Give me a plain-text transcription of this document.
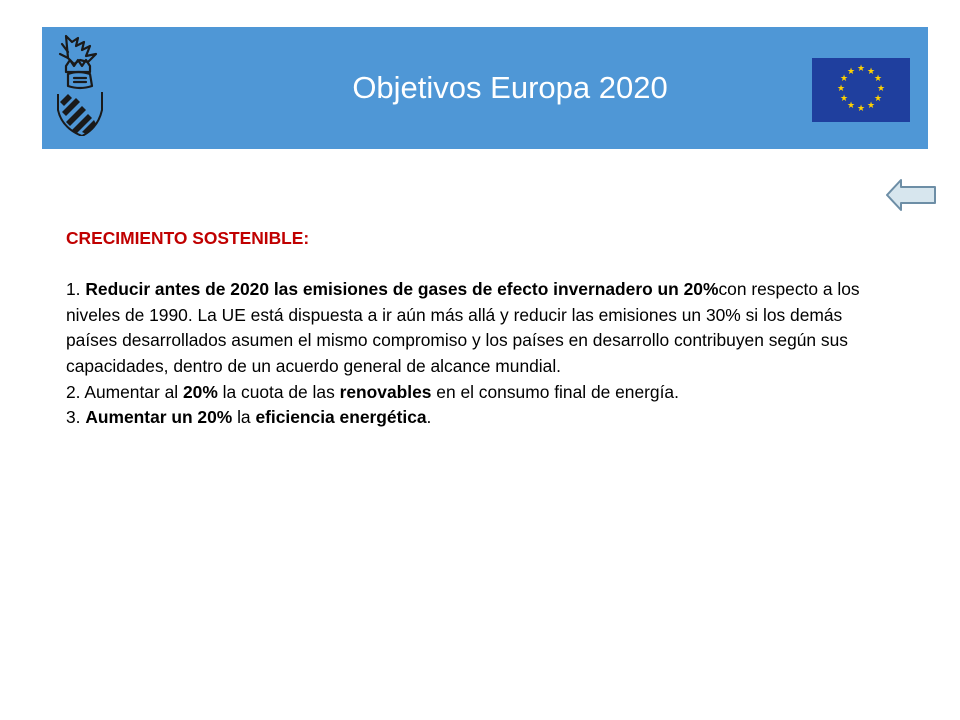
Objetivos Europa 2020
★ ★
★
★
★
★
★
★
★
★
★
★

CRECIMIENTO SOSTENIBLE:

1. Reducir antes de 2020 las emisiones de gases de efecto invernadero un 20%con respecto a los niveles de 1990. La UE está dispuesta a ir aún más allá y reducir las emisiones un 30% si los demás países desarrollados asumen el mismo compromiso y los países en desarrollo contribuyen según sus capacidades, dentro de un acuerdo general de alcance mundial.

2. Aumentar al 20% la cuota de las renovables en el consumo final de energía.

3. Aumentar un 20% la eficiencia energética.
